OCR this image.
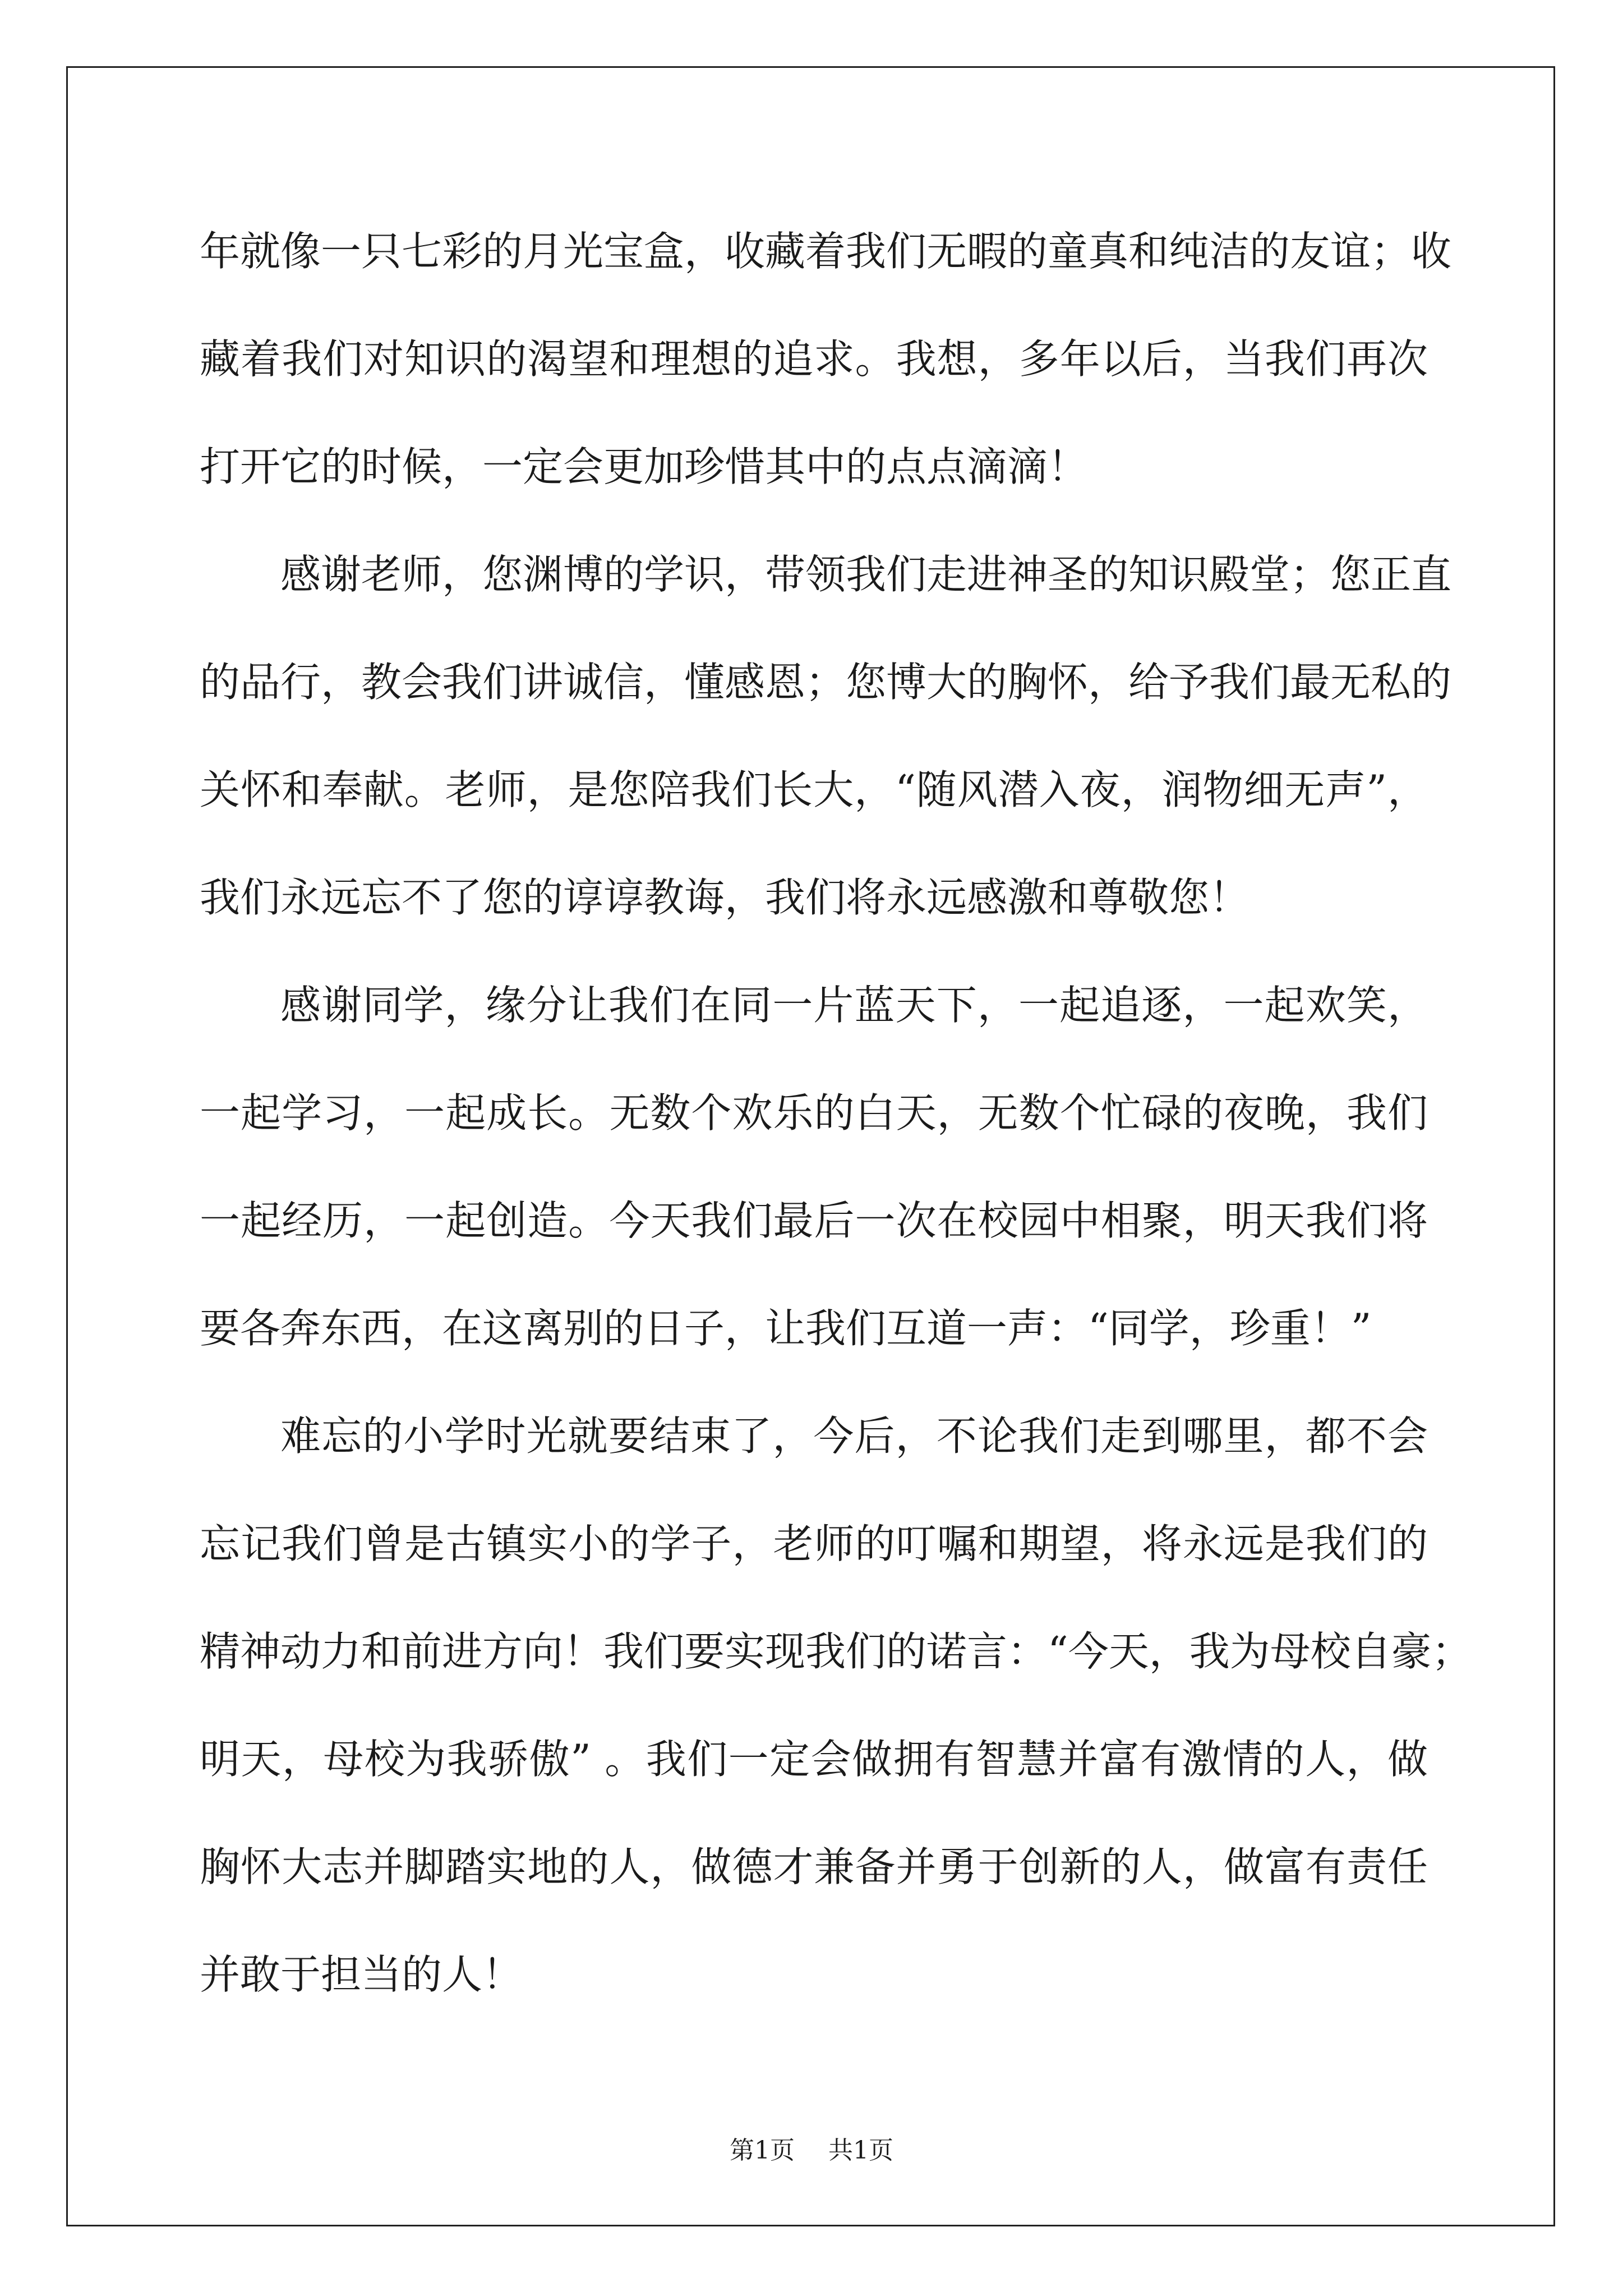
年就像一只七彩的月光宝盒，收藏着我们无暇的童真和纯洁的友谊；收
藏着我们对知识的渴望和理想的追求。我想，多年以后，当我们再次
打开它的时候，一定会更加珍惜其中的点点滴滴！
感谢老师，您渊博的学识，带领我们走进神圣的知识殿堂；您正直
的品行，教会我们讲诚信，懂感恩；您博大的胸怀，给予我们最无私的
关怀和奉献。老师，是您陪我们长大，“随风潜入夜，润物细无声”，
我们永远忘不了您的谆谆教诲，我们将永远感激和尊敬您！
感谢同学，缘分让我们在同一片蓝天下，一起追逐，一起欢笑，
一起学习，一起成长。无数个欢乐的白天，无数个忙碌的夜晚，我们
一起经历，一起创造。今天我们最后一次在校园中相聚，明天我们将
要各奔东西，在这离别的日子，让我们互道一声：“同学，珍重！”
难忘的小学时光就要结束了，今后，不论我们走到哪里，都不会
忘记我们曾是古镇实小的学子，老师的叮嘱和期望，将永远是我们的
精神动力和前进方向！我们要实现我们的诺言：“今天，我为母校自豪；
明天，母校为我骄傲” 。我们一定会做拥有智慧并富有激情的人，做
胸怀大志并脚踏实地的人，做德才兼备并勇于创新的人，做富有责任
并敢于担当的人！
第1页 共1页
